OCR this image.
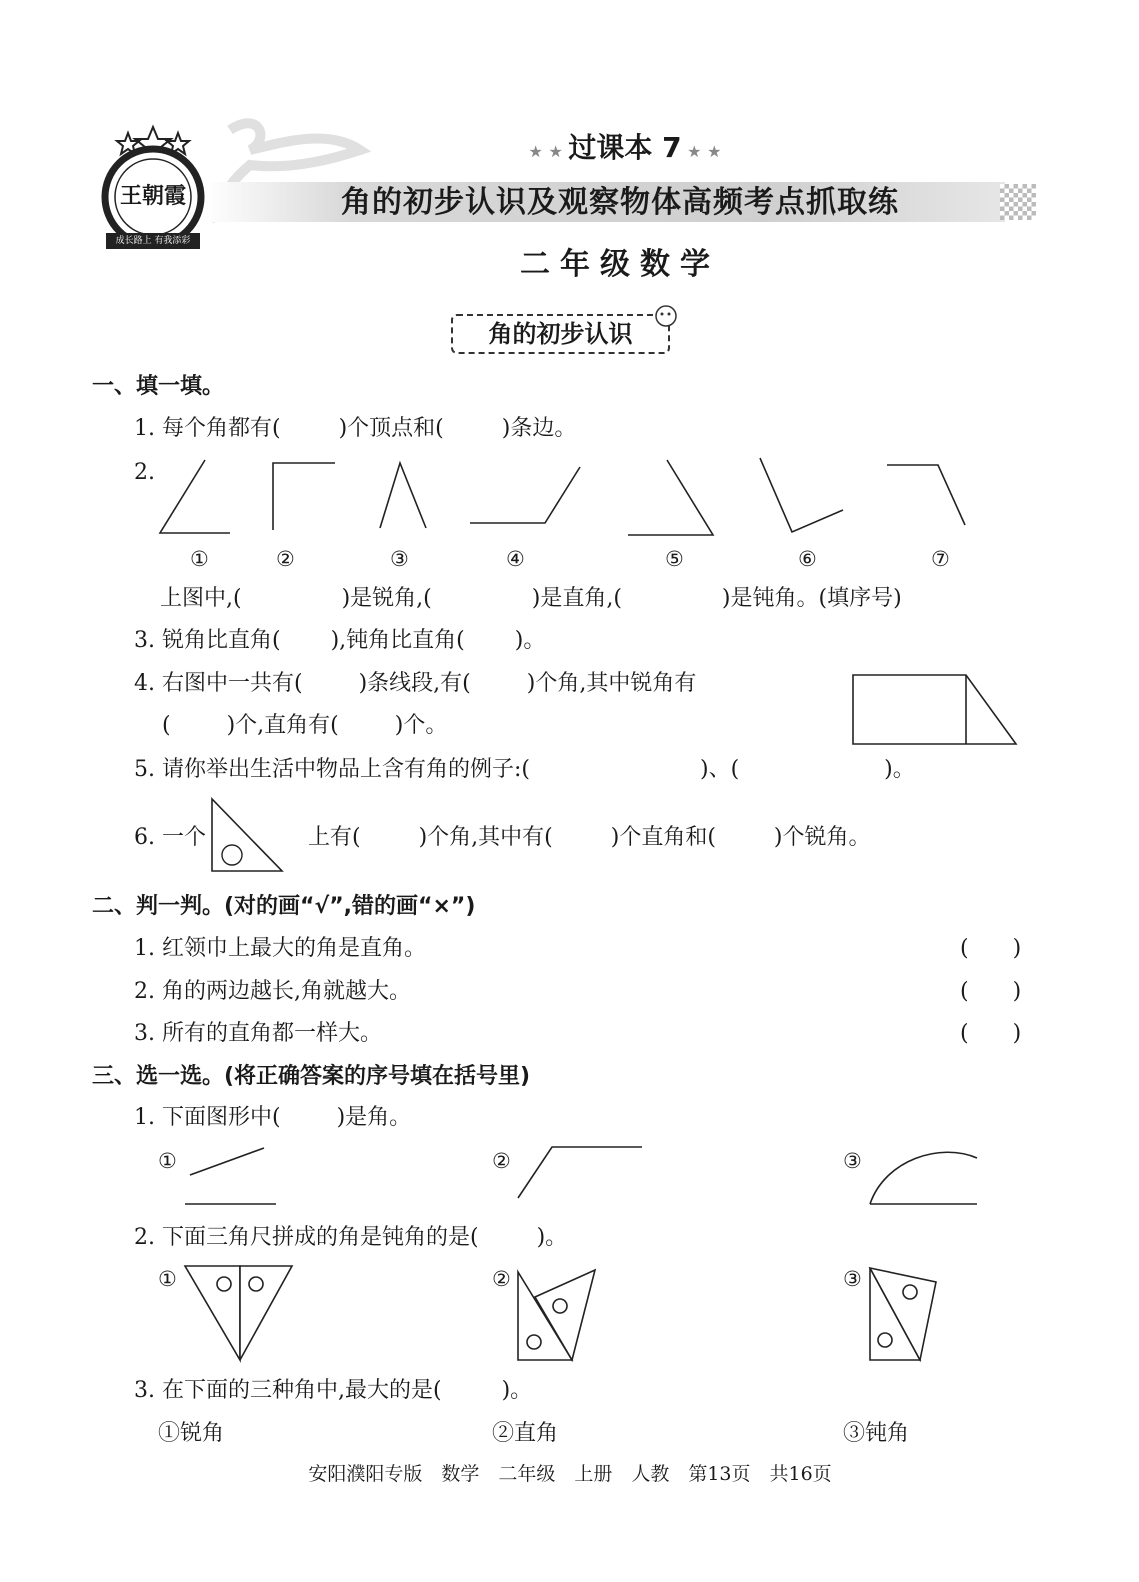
王朝霞
成长路上 有我添彩
★ ★ 过课本 7 ★ ★
角的初步认识及观察物体高频考点抓取练
二年级数学
角的初步认识
一、填一填。
1. 每个角都有(	)个顶点和(	)条边。
2.
①	②	③	④	⑤	⑥	⑦
上图中,(	)是锐角,(	)是直角,(	)是钝角。(填序号)
3. 锐角比直角( ),钝角比直角( )。
4. 右图中一共有(	)条线段,有(	)个角,其中锐角有
(	)个,直角有(	)个。
5. 请你举出生活中物品上含有角的例子:(	)、(	)。
6. 一个	上有(	)个角,其中有(	)个直角和(	)个锐角。
二、判一判。(对的画“√”,错的画“×”)
1. 红领巾上最大的角是直角。	(　　)
2. 角的两边越长,角就越大。	(　　)
3. 所有的直角都一样大。	(　　)
三、选一选。(将正确答案的序号填在括号里)
1. 下面图形中(	)是角。
①	②	③
2. 下面三角尺拼成的角是钝角的是(	)。
①	②	③
3. 在下面的三种角中,最大的是(	)。
①锐角	②直角	③钝角
安阳濮阳专版　数学　二年级　上册　人教　第13页　共16页
